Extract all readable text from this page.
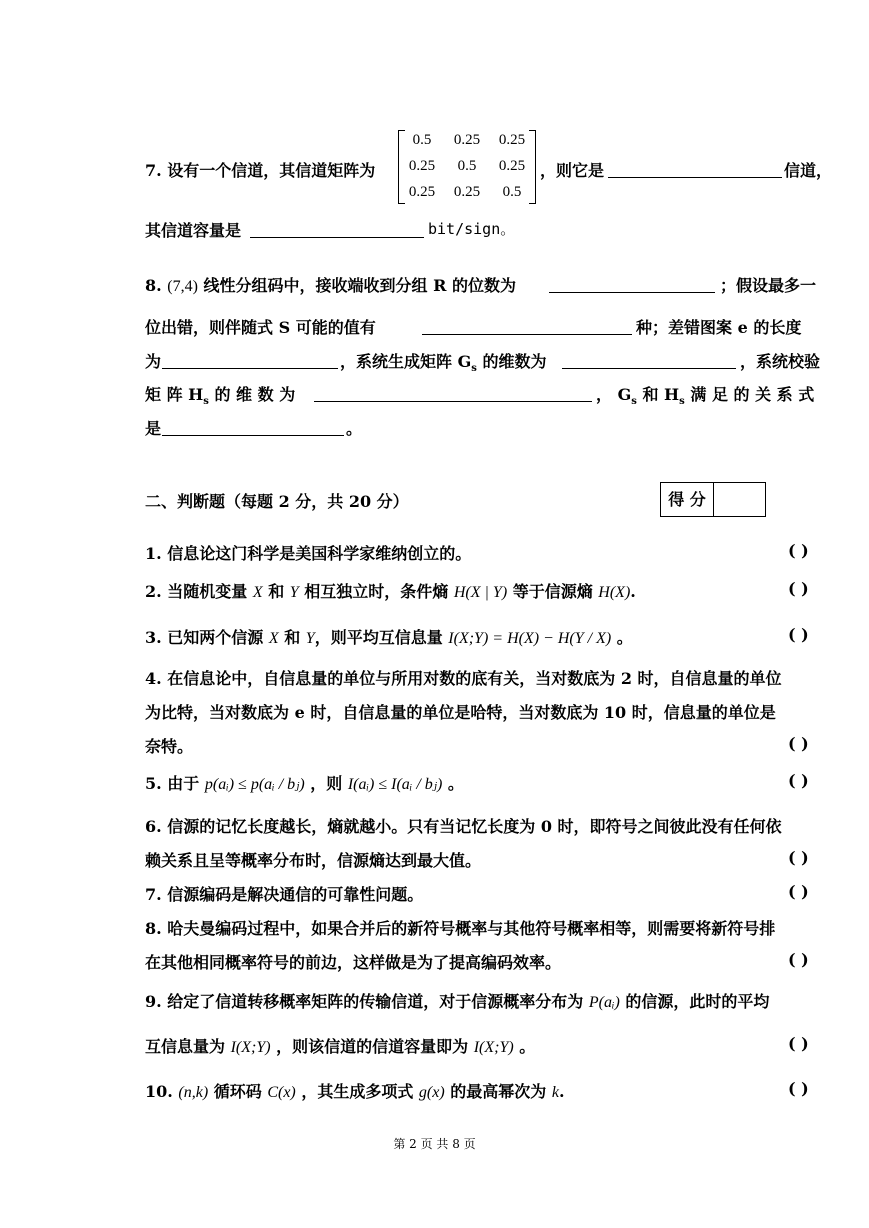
7. 设有一个信道，其信道矩阵为
0.5	0.25	0.25
0.25	0.5	0.25
0.25	0.25	0.5
，则它是	信道，
其信道容量是	bit/sign。
8. (7,4) 线性分组码中，接收端收到分组 R 的位数为	；假设最多一
位出错，则伴随式 S 可能的值有	种；差错图案 e 的长度
为	，系统生成矩阵 $G_s$ 的维数为	，系统校验
矩 阵 $H_s$ 的 维 数 为	， $G_s$ 和 $H_s$ 满 足 的 关 系 式
是	。
二、判断题（每题 2 分，共 20 分）	得 分
1. 信息论这门科学是美国科学家维纳创立的。	( )
2. 当随机变量 X 和 Y 相互独立时，条件熵 H(X | Y) 等于信源熵 H(X).	( )
3. 已知两个信源 X 和 Y，则平均互信息量 I(X;Y) = H(X) − H(Y / X) 。	( )
4. 在信息论中，自信息量的单位与所用对数的底有关，当对数底为 2 时，自信息量的单位
为比特，当对数底为 e 时，自信息量的单位是哈特，当对数底为 10 时，信息量的单位是
奈特。	( )
5. 由于 p(aᵢ) ≤ p(aᵢ / bⱼ) ，则 I(aᵢ) ≤ I(aᵢ / bⱼ) 。	( )
6. 信源的记忆长度越长，熵就越小。只有当记忆长度为 0 时，即符号之间彼此没有任何依
赖关系且呈等概率分布时，信源熵达到最大值。	( )
7. 信源编码是解决通信的可靠性问题。	( )
8. 哈夫曼编码过程中，如果合并后的新符号概率与其他符号概率相等，则需要将新符号排
在其他相同概率符号的前边，这样做是为了提高编码效率。	( )
9. 给定了信道转移概率矩阵的传输信道，对于信源概率分布为 P(aᵢ) 的信源，此时的平均
互信息量为 I(X;Y) ，则该信道的信道容量即为 I(X;Y) 。	( )
10. (n,k) 循环码 C(x) ，其生成多项式 g(x) 的最高幂次为 k.	( )
第 2 页 共 8 页
